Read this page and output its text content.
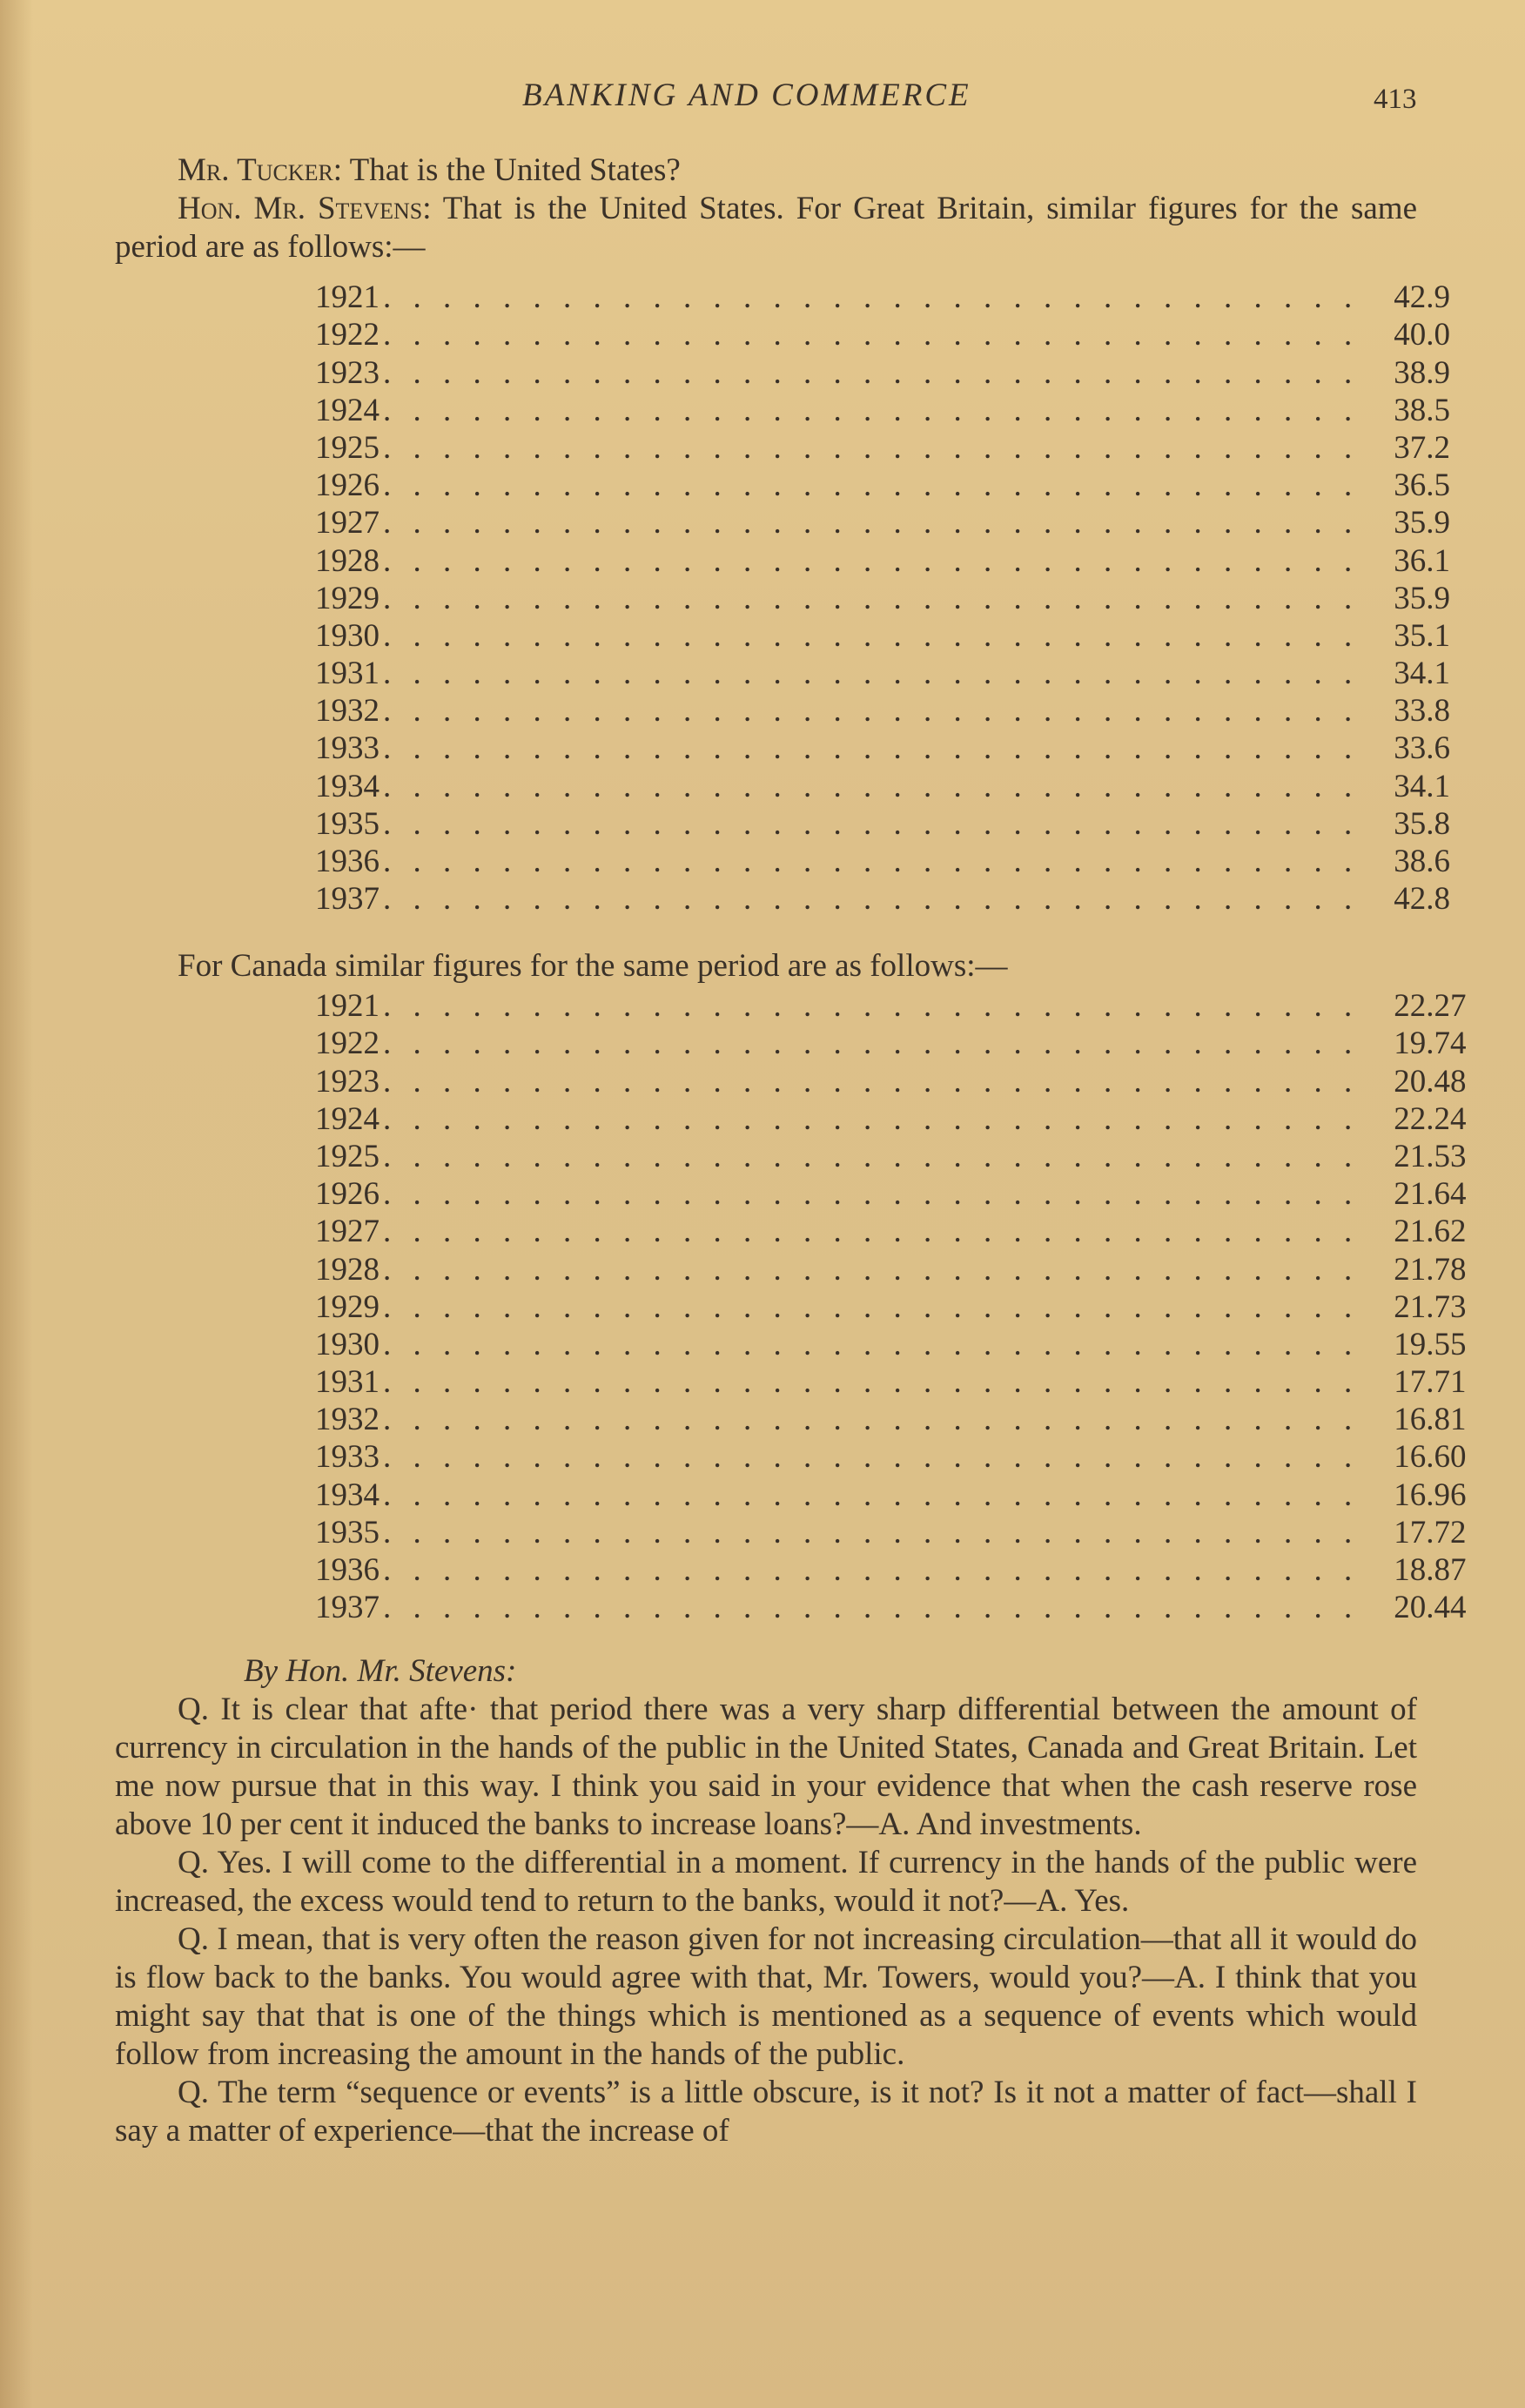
BANKING AND COMMERCE	413

Mr. Tucker: That is the United States?

Hon. Mr. Stevens: That is the United States. For Great Britain, similar figures for the same period are as follows:—

1921 . . . . . . . . . . . . . . . . . . . . . . . . . . . . . . . . . 42.9
1922 . . . . . . . . . . . . . . . . . . . . . . . . . . . . . . . . . 40.0
1923 . . . . . . . . . . . . . . . . . . . . . . . . . . . . . . . . . 38.9
1924 . . . . . . . . . . . . . . . . . . . . . . . . . . . . . . . . . 38.5
1925 . . . . . . . . . . . . . . . . . . . . . . . . . . . . . . . . . 37.2
1926 . . . . . . . . . . . . . . . . . . . . . . . . . . . . . . . . . 36.5
1927 . . . . . . . . . . . . . . . . . . . . . . . . . . . . . . . . . 35.9
1928 . . . . . . . . . . . . . . . . . . . . . . . . . . . . . . . . . 36.1
1929 . . . . . . . . . . . . . . . . . . . . . . . . . . . . . . . . . 35.9
1930 . . . . . . . . . . . . . . . . . . . . . . . . . . . . . . . . . 35.1
1931 . . . . . . . . . . . . . . . . . . . . . . . . . . . . . . . . . 34.1
1932 . . . . . . . . . . . . . . . . . . . . . . . . . . . . . . . . . 33.8
1933 . . . . . . . . . . . . . . . . . . . . . . . . . . . . . . . . . 33.6
1934 . . . . . . . . . . . . . . . . . . . . . . . . . . . . . . . . . 34.1
1935 . . . . . . . . . . . . . . . . . . . . . . . . . . . . . . . . . 35.8
1936 . . . . . . . . . . . . . . . . . . . . . . . . . . . . . . . . . 38.6
1937 . . . . . . . . . . . . . . . . . . . . . . . . . . . . . . . . . 42.8

For Canada similar figures for the same period are as follows:—

1921 . . . . . . . . . . . . . . . . . . . . . . . . . . . . . . . . . 22.27
1922 . . . . . . . . . . . . . . . . . . . . . . . . . . . . . . . . . 19.74
1923 . . . . . . . . . . . . . . . . . . . . . . . . . . . . . . . . . 20.48
1924 . . . . . . . . . . . . . . . . . . . . . . . . . . . . . . . . . 22.24
1925 . . . . . . . . . . . . . . . . . . . . . . . . . . . . . . . . . 21.53
1926 . . . . . . . . . . . . . . . . . . . . . . . . . . . . . . . . . 21.64
1927 . . . . . . . . . . . . . . . . . . . . . . . . . . . . . . . . . 21.62
1928 . . . . . . . . . . . . . . . . . . . . . . . . . . . . . . . . . 21.78
1929 . . . . . . . . . . . . . . . . . . . . . . . . . . . . . . . . . 21.73
1930 . . . . . . . . . . . . . . . . . . . . . . . . . . . . . . . . . 19.55
1931 . . . . . . . . . . . . . . . . . . . . . . . . . . . . . . . . . 17.71
1932 . . . . . . . . . . . . . . . . . . . . . . . . . . . . . . . . . 16.81
1933 . . . . . . . . . . . . . . . . . . . . . . . . . . . . . . . . . 16.60
1934 . . . . . . . . . . . . . . . . . . . . . . . . . . . . . . . . . 16.96
1935 . . . . . . . . . . . . . . . . . . . . . . . . . . . . . . . . . 17.72
1936 . . . . . . . . . . . . . . . . . . . . . . . . . . . . . . . . . 18.87
1937 . . . . . . . . . . . . . . . . . . . . . . . . . . . . . . . . . 20.44

By Hon. Mr. Stevens:

Q. It is clear that afte· that period there was a very sharp differential between the amount of currency in circulation in the hands of the public in the United States, Canada and Great Britain. Let me now pursue that in this way. I think you said in your evidence that when the cash reserve rose above 10 per cent it induced the banks to increase loans?—A. And investments.

Q. Yes. I will come to the differential in a moment. If currency in the hands of the public were increased, the excess would tend to return to the banks, would it not?—A. Yes.

Q. I mean, that is very often the reason given for not increasing circulation—that all it would do is flow back to the banks. You would agree with that, Mr. Towers, would you?—A. I think that you might say that that is one of the things which is mentioned as a sequence of events which would follow from increasing the amount in the hands of the public.

Q. The term “sequence or events” is a little obscure, is it not? Is it not a matter of fact—shall I say a matter of experience—that the increase of
